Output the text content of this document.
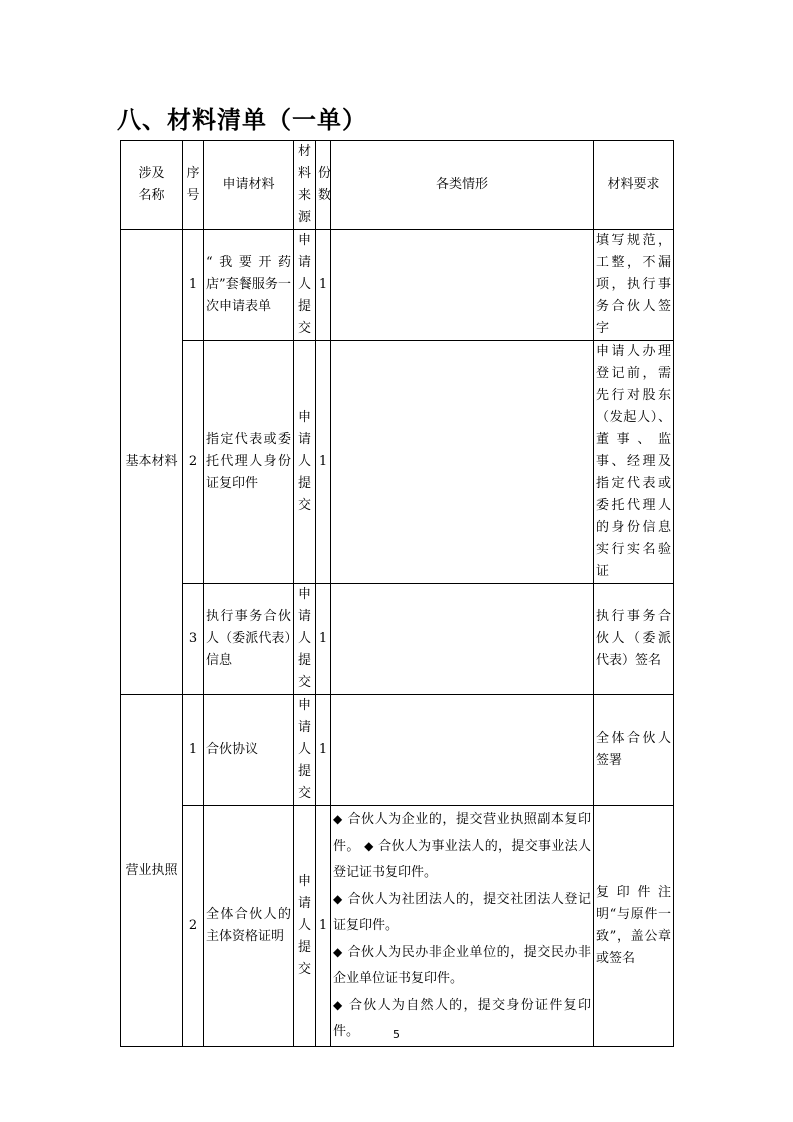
八、材料清单（一单）
涉及名称	序号	申请材料	材料来源	份数	各类情形	材料要求
基本材料	1	“我要开药店”套餐服务一次申请表单	申请人提交	1		填写规范，工整，不漏项，执行事务合伙人签字
	2	指定代表或委托代理人身份证复印件	申请人提交	1		申请人办理登记前，需先行对股东（发起人）、董事、监事、经理及指定代表或委托代理人的身份信息实行实名验证
	3	执行事务合伙人（委派代表）信息	申请人提交	1		执行事务合伙人（委派代表）签名
营业执照	1	合伙协议	申请人提交	1		全体合伙人签署
	2	全体合伙人的主体资格证明	申请人提交	1	◆ 合伙人为企业的，提交营业执照副本复印件。 ◆ 合伙人为事业法人的，提交事业法人登记证书复印件。
◆ 合伙人为社团法人的，提交社团法人登记证复印件。
◆ 合伙人为民办非企业单位的，提交民办非企业单位证书复印件。
◆ 合伙人为自然人的，提交身份证件复印件。	复印件注明“与原件一致”，盖公章或签名
5
